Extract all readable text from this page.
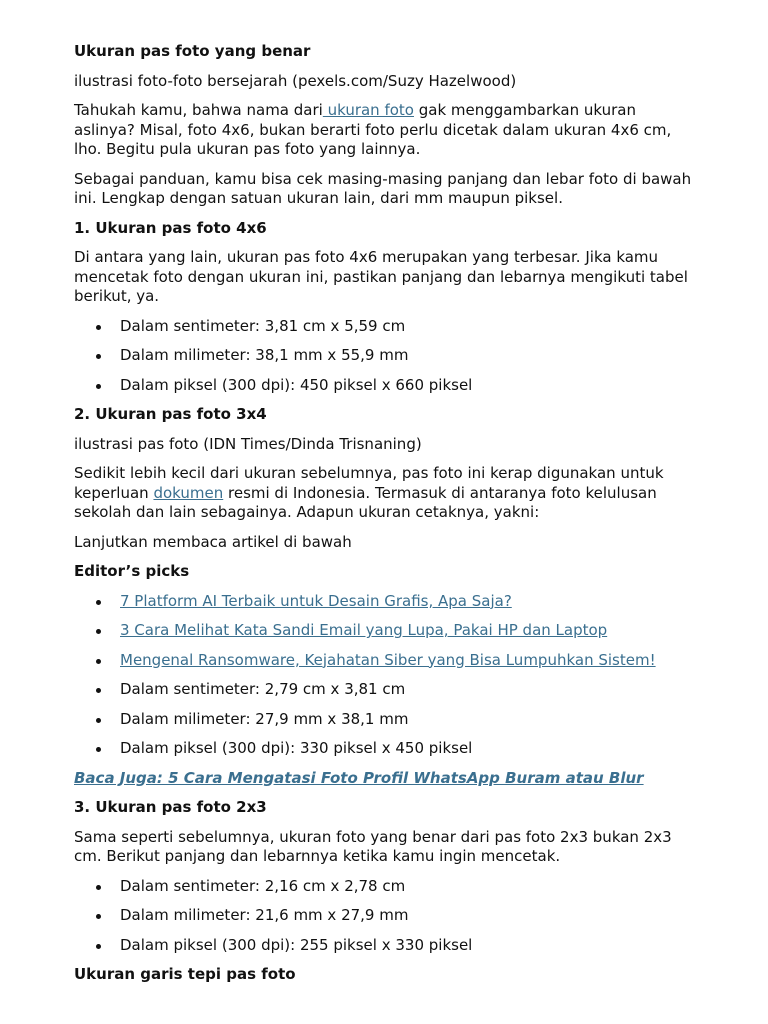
Ukuran pas foto yang benar

ilustrasi foto-foto bersejarah (pexels.com/Suzy Hazelwood)

Tahukah kamu, bahwa nama dari ukuran foto gak menggambarkan ukuran aslinya? Misal, foto 4x6, bukan berarti foto perlu dicetak dalam ukuran 4x6 cm, lho. Begitu pula ukuran pas foto yang lainnya.

Sebagai panduan, kamu bisa cek masing-masing panjang dan lebar foto di bawah ini. Lengkap dengan satuan ukuran lain, dari mm maupun piksel.

1. Ukuran pas foto 4x6

Di antara yang lain, ukuran pas foto 4x6 merupakan yang terbesar. Jika kamu mencetak foto dengan ukuran ini, pastikan panjang dan lebarnya mengikuti tabel berikut, ya.

Dalam sentimeter: 3,81 cm x 5,59 cm
Dalam milimeter: 38,1 mm x 55,9 mm
Dalam piksel (300 dpi): 450 piksel x 660 piksel
2. Ukuran pas foto 3x4

ilustrasi pas foto (IDN Times/Dinda Trisnaning)

Sedikit lebih kecil dari ukuran sebelumnya, pas foto ini kerap digunakan untuk keperluan dokumen resmi di Indonesia. Termasuk di antaranya foto kelulusan sekolah dan lain sebagainya. Adapun ukuran cetaknya, yakni:

Lanjutkan membaca artikel di bawah

Editor’s picks
7 Platform AI Terbaik untuk Desain Grafis, Apa Saja?
3 Cara Melihat Kata Sandi Email yang Lupa, Pakai HP dan Laptop
Mengenal Ransomware, Kejahatan Siber yang Bisa Lumpuhkan Sistem!
Dalam sentimeter: 2,79 cm x 3,81 cm
Dalam milimeter: 27,9 mm x 38,1 mm
Dalam piksel (300 dpi): 330 piksel x 450 piksel
Baca Juga: 5 Cara Mengatasi Foto Profil WhatsApp Buram atau Blur
3. Ukuran pas foto 2x3

Sama seperti sebelumnya, ukuran foto yang benar dari pas foto 2x3 bukan 2x3 cm. Berikut panjang dan lebarnnya ketika kamu ingin mencetak.

Dalam sentimeter: 2,16 cm x 2,78 cm
Dalam milimeter: 21,6 mm x 27,9 mm
Dalam piksel (300 dpi): 255 piksel x 330 piksel
Ukuran garis tepi pas foto
